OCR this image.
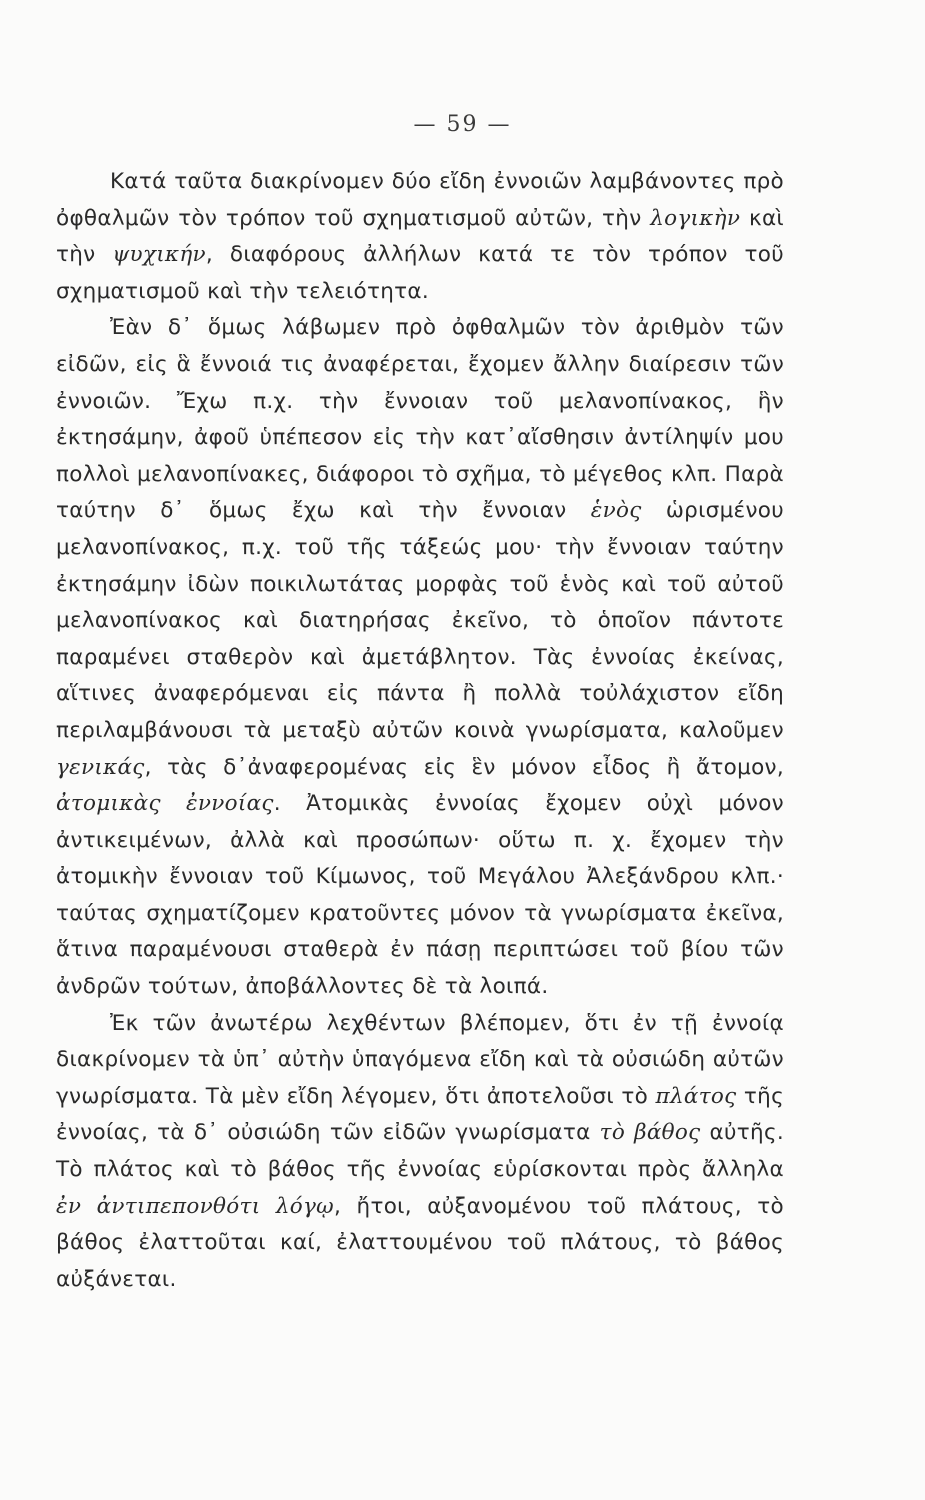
— 59 —

Κατά ταῦτα διακρίνομεν δύο εἴδη ἐννοιῶν λαμβάνοντες πρὸ ὀφθαλμῶν τὸν τρόπον τοῦ σχηματισμοῦ αὐτῶν, τὴν λογικὴν καὶ τὴν ψυχικήν, διαφόρους ἀλλήλων κατά τε τὸν τρόπον τοῦ σχηματισμοῦ καὶ τὴν τελειότητα.

Ἐὰν δ᾽ ὅμως λάβωμεν πρὸ ὀφθαλμῶν τὸν ἀριθμὸν τῶν εἰδῶν, εἰς ἃ ἔννοιά τις ἀναφέρεται, ἔχομεν ἄλλην διαίρεσιν τῶν ἐννοιῶν. Ἔχω π.χ. τὴν ἔννοιαν τοῦ μελανοπίνακος, ἣν ἐκτησάμην, ἀφοῦ ὑπέπεσον εἰς τὴν κατ᾽αἴσθησιν ἀντίληψίν μου πολλοὶ μελανοπίνακες, διάφοροι τὸ σχῆμα, τὸ μέγεθος κλπ. Παρὰ ταύτην δ᾽ ὅμως ἔχω καὶ τὴν ἔννοιαν ἑνὸς ὡρισμένου μελανοπίνακος, π.χ. τοῦ τῆς τάξεώς μου· τὴν ἔννοιαν ταύτην ἐκτησάμην ἰδὼν ποικιλωτάτας μορφὰς τοῦ ἑνὸς καὶ τοῦ αὐτοῦ μελανοπίνακος καὶ διατηρήσας ἐκεῖνο, τὸ ὁποῖον πάντοτε παραμένει σταθερὸν καὶ ἀμετάβλητον. Τὰς ἐννοίας ἐκείνας, αἵτινες ἀναφερόμεναι εἰς πάντα ἢ πολλὰ τοὐλάχιστον εἴδη περιλαμβάνουσι τὰ μεταξὺ αὐτῶν κοινὰ γνωρίσματα, καλοῦμεν γενικάς, τὰς δ᾽ἀναφερομένας εἰς ἓν μόνον εἶδος ἢ ἄτομον, ἀτομικὰς ἐννοίας. Ἀτομικὰς ἐννοίας ἔχομεν οὐχὶ μόνον ἀντικειμένων, ἀλλὰ καὶ προσώπων· οὕτω π. χ. ἔχομεν τὴν ἀτομικὴν ἔννοιαν τοῦ Κίμωνος, τοῦ Μεγάλου Ἀλεξάνδρου κλπ.· ταύτας σχηματίζομεν κρατοῦντες μόνον τὰ γνωρίσματα ἐκεῖνα, ἅτινα παραμένουσι σταθερὰ ἐν πάσῃ περιπτώσει τοῦ βίου τῶν ἀνδρῶν τούτων, ἀποβάλλοντες δὲ τὰ λοιπά.

Ἐκ τῶν ἀνωτέρω λεχθέντων βλέπομεν, ὅτι ἐν τῇ ἐννοίᾳ διακρίνομεν τὰ ὑπ᾽ αὐτὴν ὑπαγόμενα εἴδη καὶ τὰ οὐσιώδη αὐτῶν γνωρίσματα. Τὰ μὲν εἴδη λέγομεν, ὅτι ἀποτελοῦσι τὸ πλάτος τῆς ἐννοίας, τὰ δ᾽ οὐσιώδη τῶν εἰδῶν γνωρίσματα τὸ βάθος αὐτῆς. Τὸ πλάτος καὶ τὸ βάθος τῆς ἐννοίας εὑρίσκονται πρὸς ἄλληλα ἐν ἀντιπεπονθότι λόγῳ, ἤτοι, αὐξανομένου τοῦ πλάτους, τὸ βάθος ἐλαττοῦται καί, ἐλαττουμένου τοῦ πλάτους, τὸ βάθος αὐξάνεται.
